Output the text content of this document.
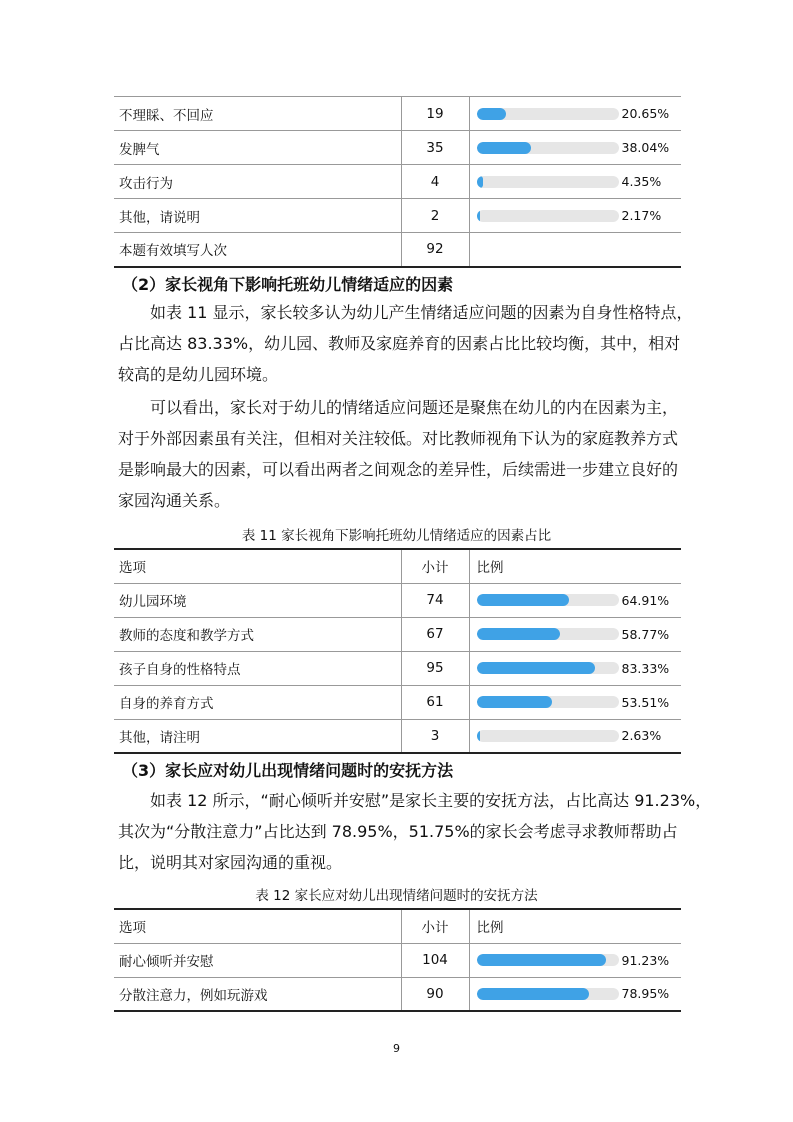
不理睬、不回应	19	20.65%

发脾气	35	38.04%

攻击行为	4	4.35%

其他，请说明	2	2.17%

本题有效填写人次	92	
（2）家长视角下影响托班幼儿情绪适应的因素
如表 11 显示，家长较多认为幼儿产生情绪适应问题的因素为自身性格特点，
占比高达 83.33%，幼儿园、教师及家庭养育的因素占比比较均衡，其中，相对
较高的是幼儿园环境。
可以看出，家长对于幼儿的情绪适应问题还是聚焦在幼儿的内在因素为主，
对于外部因素虽有关注，但相对关注较低。对比教师视角下认为的家庭教养方式
是影响最大的因素，可以看出两者之间观念的差异性，后续需进一步建立良好的
家园沟通关系。
表 11 家长视角下影响托班幼儿情绪适应的因素占比
选项	小计	比例
幼儿园环境	74	64.91%

教师的态度和教学方式	67	58.77%

孩子自身的性格特点	95	83.33%

自身的养育方式	61	53.51%

其他，请注明	3	2.63%
（3）家长应对幼儿出现情绪问题时的安抚方法
如表 12 所示，“耐心倾听并安慰”是家长主要的安抚方法，占比高达 91.23%，
其次为“分散注意力”占比达到 78.95%，51.75%的家长会考虑寻求教师帮助占
比，说明其对家园沟通的重视。
表 12 家长应对幼儿出现情绪问题时的安抚方法
选项	小计	比例
耐心倾听并安慰	104	91.23%

分散注意力，例如玩游戏	90	78.95%
9
